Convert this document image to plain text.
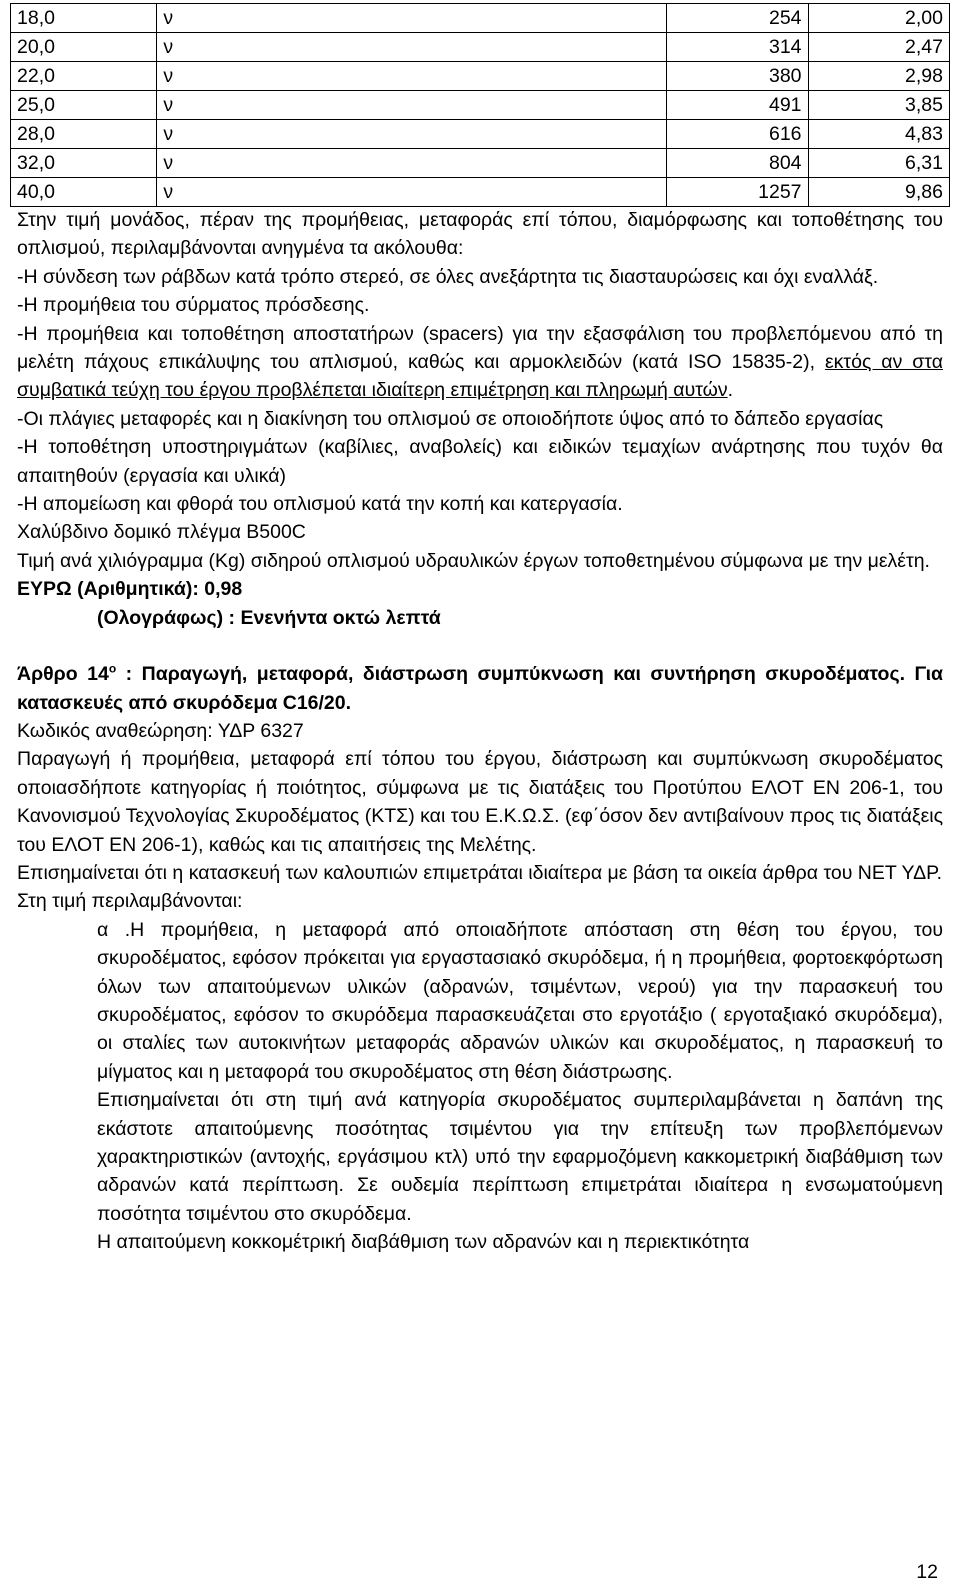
18,0	ν	254	2,00
20,0	ν	314	2,47
22,0	ν	380	2,98
25,0	ν	491	3,85
28,0	ν	616	4,83
32,0	ν	804	6,31
40,0	ν	1257	9,86

Στην τιμή μονάδος, πέραν της προμήθειας, μεταφοράς επί τόπου, διαμόρφωσης και τοποθέτησης του οπλισμού, περιλαμβάνονται ανηγμένα τα ακόλουθα:

-Η σύνδεση των ράβδων κατά τρόπο στερεό, σε όλες ανεξάρτητα τις διασταυρώσεις και όχι εναλλάξ.

-Η προμήθεια του σύρματος πρόσδεσης.

-Η προμήθεια και τοποθέτηση αποστατήρων (spacers) για την εξασφάλιση του προβλεπόμενου από τη μελέτη πάχους επικάλυψης του απλισμού, καθώς και αρμοκλειδών (κατά ISO 15835-2), εκτός αν στα συμβατικά τεύχη του έργου προβλέπεται ιδιαίτερη επιμέτρηση και πληρωμή αυτών.

-Οι πλάγιες μεταφορές και η διακίνηση του οπλισμού σε οποιοδήποτε ύψος από το δάπεδο εργασίας

-Η τοποθέτηση υποστηριγμάτων (καβίλιες, αναβολείς) και ειδικών τεμαχίων ανάρτησης που τυχόν θα απαιτηθούν (εργασία και υλικά)

-Η απομείωση και φθορά του οπλισμού κατά την κοπή και κατεργασία.

Χαλύβδινο δομικό πλέγμα B500C

Τιμή ανά χιλιόγραμμα (Kg) σιδηρού οπλισμού υδραυλικών έργων τοποθετημένου σύμφωνα με την μελέτη.

ΕΥΡΩ (Αριθμητικά): 0,98

(Ολογράφως) : Ενενήντα οκτώ λεπτά

Άρθρο $14^o$ : Παραγωγή, μεταφορά, διάστρωση συμπύκνωση και συντήρηση σκυροδέματος. Για κατασκευές από σκυρόδεμα C16/20.

Κωδικός αναθεώρηση: ΥΔΡ 6327

Παραγωγή ή προμήθεια, μεταφορά επί τόπου του έργου, διάστρωση και συμπύκνωση σκυροδέματος οποιασδήποτε κατηγορίας ή ποιότητος, σύμφωνα με τις διατάξεις του Προτύπου ΕΛΟΤ ΕΝ 206-1, του Κανονισμού Τεχνολογίας Σκυροδέματος (ΚΤΣ) και του Ε.Κ.Ω.Σ. (εφ΄όσον δεν αντιβαίνουν προς τις διατάξεις του ΕΛΟΤ ΕΝ 206-1), καθώς και τις απαιτήσεις της Μελέτης.

Επισημαίνεται ότι η κατασκευή των καλουπιών επιμετράται ιδιαίτερα με βάση τα οικεία άρθρα του ΝΕΤ ΥΔΡ.

Στη τιμή περιλαμβάνονται:

α .Η προμήθεια, η μεταφορά από οποιαδήποτε απόσταση στη θέση του έργου, του σκυροδέματος, εφόσον πρόκειται για εργαστασιακό σκυρόδεμα, ή η προμήθεια, φορτοεκφόρτωση όλων των απαιτούμενων υλικών (αδρανών, τσιμέντων, νερού) για την παρασκευή του σκυροδέματος, εφόσον το σκυρόδεμα παρασκευάζεται στο εργοτάξιο ( εργοταξιακό σκυρόδεμα), οι σταλίες των αυτοκινήτων μεταφοράς αδρανών υλικών και σκυροδέματος, η παρασκευή το μίγματος και η μεταφορά του σκυροδέματος στη θέση διάστρωσης.

Επισημαίνεται ότι στη τιμή ανά κατηγορία σκυροδέματος συμπεριλαμβάνεται η δαπάνη της εκάστοτε απαιτούμενης ποσότητας τσιμέντου για την επίτευξη των προβλεπόμενων χαρακτηριστικών (αντοχής, εργάσιμου κτλ) υπό την εφαρμοζόμενη κακκομετρική διαβάθμιση των αδρανών κατά περίπτωση. Σε ουδεμία περίπτωση επιμετράται ιδιαίτερα η ενσωματούμενη ποσότητα τσιμέντου στο σκυρόδεμα.

Η απαιτούμενη κοκκομέτρική διαβάθμιση των αδρανών και η περιεκτικότητα

12
